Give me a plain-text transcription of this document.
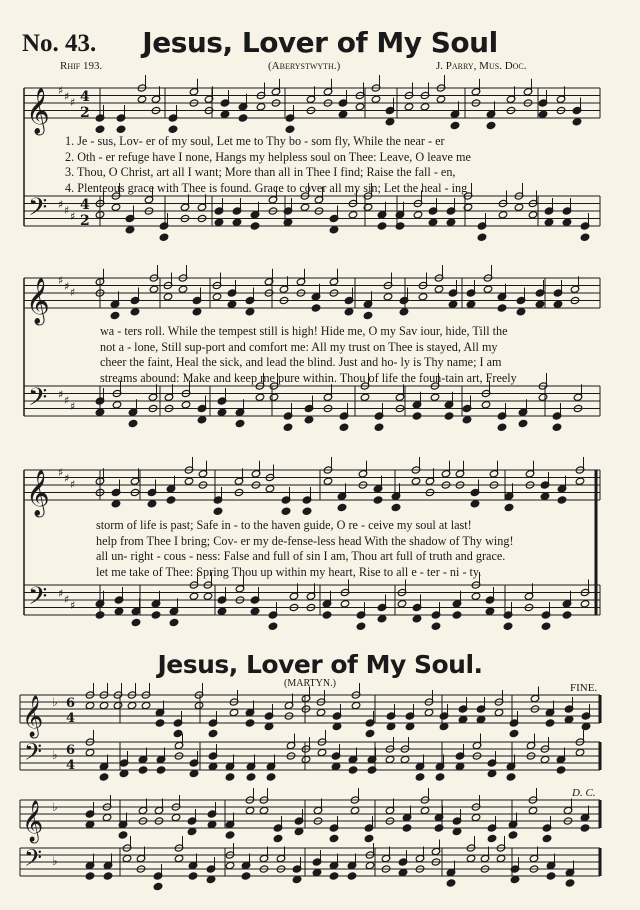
No. 43.	Jesus, Lover of My Soul
Rhif 193.	(Aberystwyth.)	J. Parry, Mus. Doc.
𝄞
𝄢
♯
♯
♯
♯
♯
♯
𝄞
𝄢
♯
♯
♯
♯
♯
♯
𝄞
𝄢
♯
♯
♯
♯
♯
♯
4
2
4
2
𝄞
𝄢
♭
♭
𝄞
𝄢
♭
♭
6
4
6
4
1. Je - sus, Lov- er of my soul, Let me to Thy bo - som fly, While the near - er
2. Oth - er refuge have I none, Hangs my helpless soul on Thee: Leave, O leave me
3. Thou, O Christ, art all I want; More than all in Thee I find; Raise the fall - en,
4. Plenteous grace with Thee is found. Grace to cover all my sin; Let the heal - ing
wa - ters roll. While the tempest still is high! Hide me, O my Sav iour, hide, Till the
not a - lone, Still sup-port and comfort me: All my trust on Thee is stayed, All my
cheer the faint, Heal the sick, and lead the blind. Just and ho- ly is Thy name; I am
streams abound: Make and keep me pure within. Thou of life the foun-tain art, Freely
storm of life is past; Safe in - to the haven guide, O re - ceive my soul at last!
help from Thee I bring; Cov- er my de-fense-less head With the shadow of Thy wing!
all un- right - cous - ness: False and full of sin I am, Thou art full of truth and grace.
let me take of Thee: Spring Thou up within my heart, Rise to all e - ter - ni - ty.
Jesus, Lover of My Soul.
(MARTYN.)	FINE.
D. C.
